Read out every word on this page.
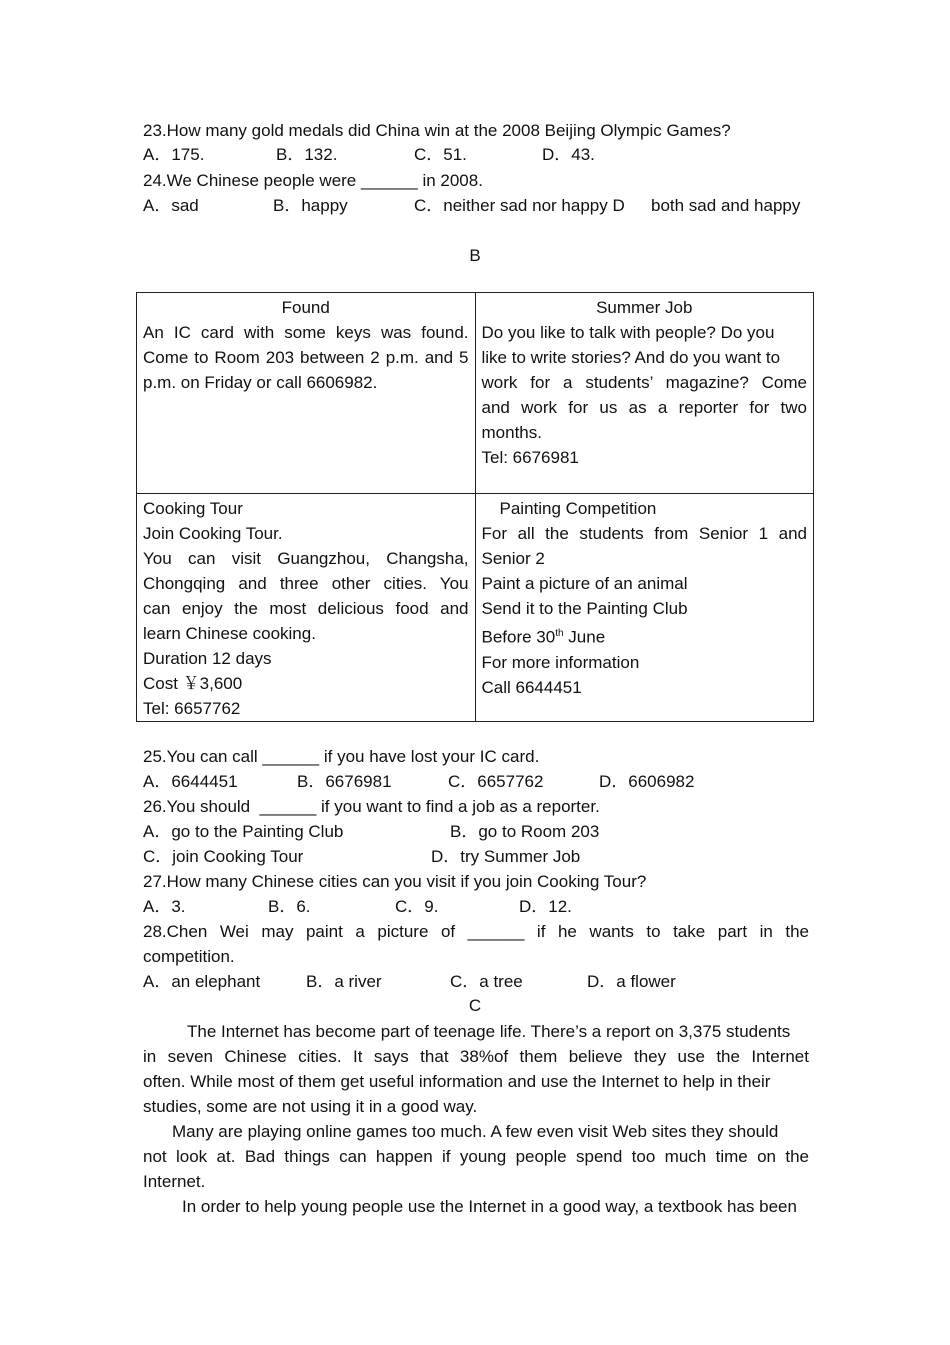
23.How many gold medals did China win at the 2008 Beijing Olympic Games?
A．175.	B．132.	C．51.	D．43.
24.We Chinese people were ______ in 2008.
A．sad	B．happy	C．neither sad nor happy D both sad and happy
B
Found
An IC card with some keys was found.
Come to Room 203 between 2 p.m. and 5
p.m. on Friday or call 6606982.

Summer Job
Do you like to talk with people? Do you
like to write stories? And do you want to
work for a students’ magazine? Come
and work for us as a reporter for two
months.
Tel: 6676981

Cooking Tour
Join Cooking Tour.
You can visit Guangzhou, Changsha,
Chongqing and three other cities. You
can enjoy the most delicious food and
learn Chinese cooking.
Duration 12 days
Cost ￥3,600
Tel: 6657762

Painting Competition
For all the students from Senior 1 and
Senior 2
Paint a picture of an animal
Send it to the Painting Club
Before 30th June
For more information
Call 6644451
25.You can call ______ if you have lost your IC card.
A．6644451	B．6676981	C．6657762	D．6606982
26.You should  ______ if you want to find a job as a reporter.
A．go to the Painting Club	B．go to Room 203
C．join Cooking Tour	D．try Summer Job
27.How many Chinese cities can you visit if you join Cooking Tour?
A．3.	B．6.	C．9.	D．12.
28.Chen Wei may paint a picture of ______ if he wants to take part in the
competition.
A．an elephant	B．a river	C．a tree	D．a flower
C
The Internet has become part of teenage life. There’s a report on 3,375 students
in seven Chinese cities. It says that 38%of them believe they use the Internet
often. While most of them get useful information and use the Internet to help in their
studies, some are not using it in a good way.
Many are playing online games too much. A few even visit Web sites they should
not look at. Bad things can happen if young people spend too much time on the
Internet.
In order to help young people use the Internet in a good way, a textbook has been
